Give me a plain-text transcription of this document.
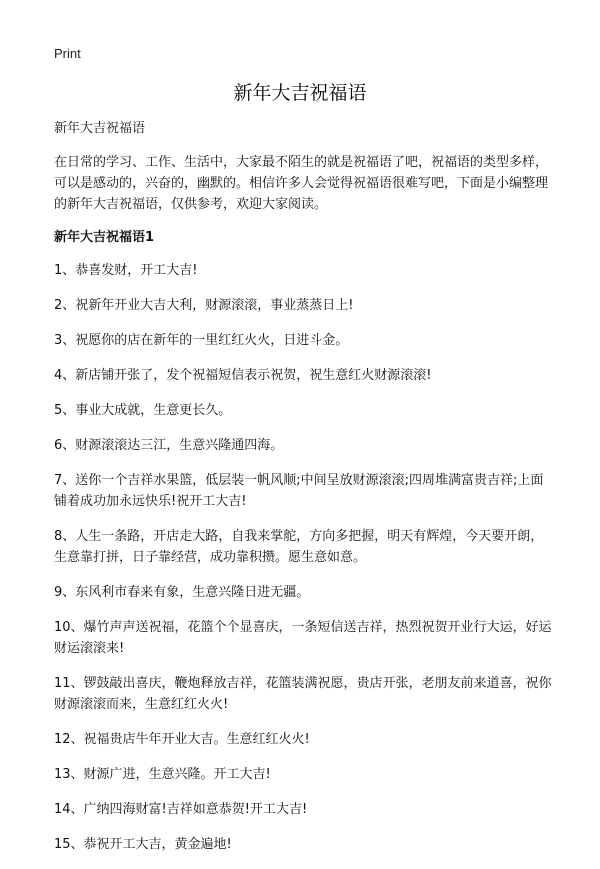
Print
新年大吉祝福语

新年大吉祝福语

在日常的学习、工作、生活中，大家最不陌生的就是祝福语了吧，祝福语的类型多样，可以是感动的，兴奋的，幽默的。相信许多人会觉得祝福语很难写吧，下面是小编整理的新年大吉祝福语，仅供参考，欢迎大家阅读。

新年大吉祝福语1
1、恭喜发财，开工大吉!
2、祝新年开业大吉大利，财源滚滚，事业蒸蒸日上!
3、祝愿你的店在新年的一里红红火火，日进斗金。
4、新店铺开张了，发个祝福短信表示祝贺，祝生意红火财源滚滚!
5、事业大成就，生意更长久。
6、财源滚滚达三江，生意兴隆通四海。
7、送你一个吉祥水果篮，低层装一帆风顺;中间呈放财源滚滚;四周堆满富贵吉祥;上面铺着成功加永远快乐!祝开工大吉!
8、人生一条路，开店走大路，自我来掌舵，方向多把握，明天有辉煌，今天要开朗，生意靠打拼，日子靠经营，成功靠积攒。愿生意如意。
9、东风利市春来有象，生意兴隆日进无疆。
10、爆竹声声送祝福，花篮个个显喜庆，一条短信送吉祥，热烈祝贺开业行大运，好运财运滚滚来!
11、锣鼓敲出喜庆，鞭炮释放吉祥，花篮装满祝愿，贵店开张，老朋友前来道喜，祝你财源滚滚而来，生意红红火火!
12、祝福贵店牛年开业大吉。生意红红火火!
13、财源广进，生意兴隆。开工大吉!
14、广纳四海财富!吉祥如意恭贺!开工大吉!
15、恭祝开工大吉，黄金遍地!
